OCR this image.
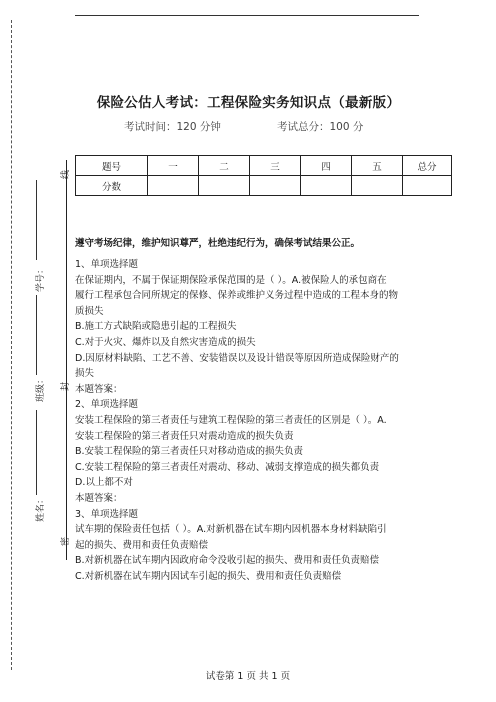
学号：
班级：
姓名：
线
封
密
保险公估人考试：工程保险实务知识点（最新版）
考试时间：120 分钟	考试总分：100 分
题号	一	二	三	四	五	总分
分数						
遵守考场纪律，维护知识尊严，杜绝违纪行为，确保考试结果公正。

1、单项选择题

在保证期内，不属于保证期保险承保范围的是（ ）。A.被保险人的承包商在

履行工程承包合同所规定的保修、保养或维护义务过程中造成的工程本身的物

质损失

B.施工方式缺陷或隐患引起的工程损失

C.对于火灾、爆炸以及自然灾害造成的损失

D.因原材料缺陷、工艺不善、安装错误以及设计错误等原因所造成保险财产的

损失

本题答案：

2、单项选择题

安装工程保险的第三者责任与建筑工程保险的第三者责任的区别是（ ）。A.

安装工程保险的第三者责任只对震动造成的损失负责

B.安装工程保险的第三者责任只对移动造成的损失负责

C.安装工程保险的第三者责任对震动、移动、减弱支撑造成的损失都负责

D.以上都不对

本题答案：

3、单项选择题

试车期的保险责任包括（ ）。A.对新机器在试车期内因机器本身材料缺陷引

起的损失、费用和责任负责赔偿

B.对新机器在试车期内因政府命令没收引起的损失、费用和责任负责赔偿

C.对新机器在试车期内因试车引起的损失、费用和责任负责赔偿

试卷第 1 页 共 1 页
